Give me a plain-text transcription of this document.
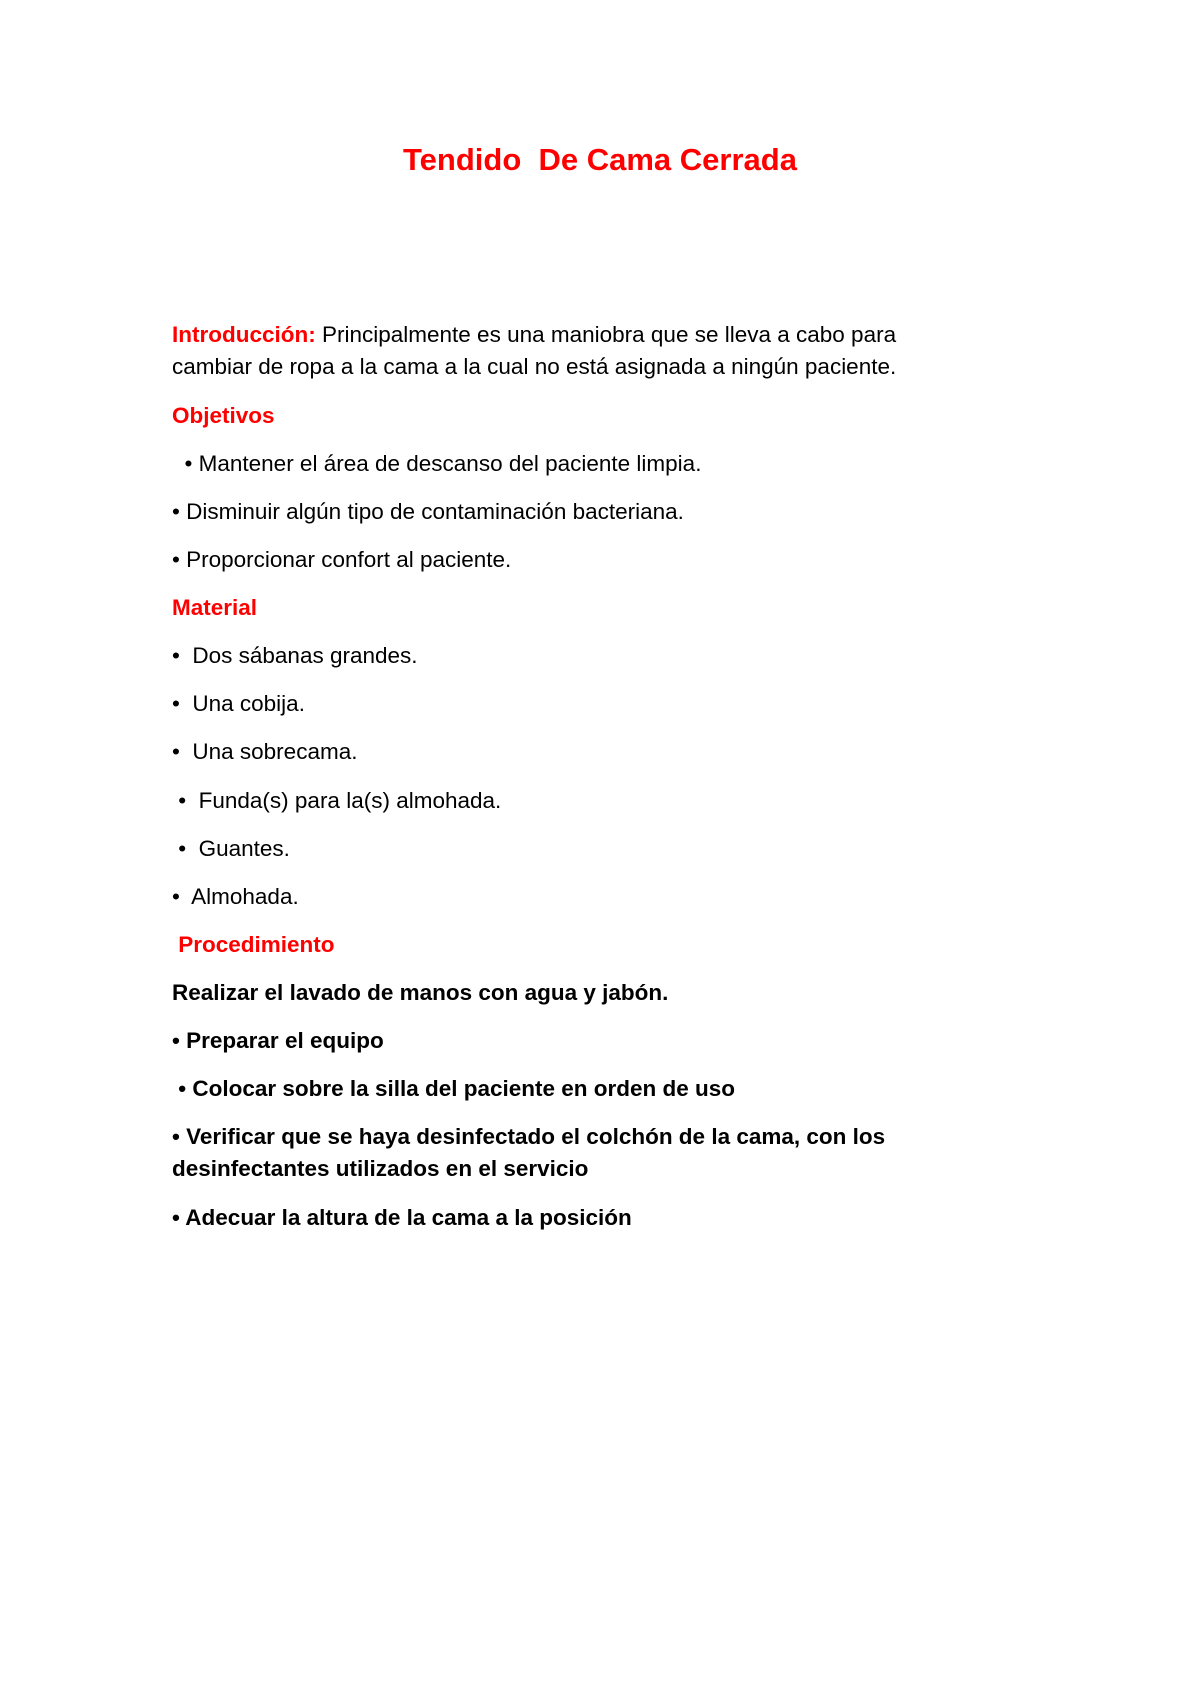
Tendido  De Cama Cerrada

Introducción: Principalmente es una maniobra que se lleva a cabo para

cambiar de ropa a la cama a la cual no está asignada a ningún paciente.

Objetivos

• Mantener el área de descanso del paciente limpia.

• Disminuir algún tipo de contaminación bacteriana.

• Proporcionar confort al paciente.

Material

•  Dos sábanas grandes.

•  Una cobija.

•  Una sobrecama.

•  Funda(s) para la(s) almohada.

•  Guantes.

•  Almohada.

Procedimiento

Realizar el lavado de manos con agua y jabón.

• Preparar el equipo

• Colocar sobre la silla del paciente en orden de uso

• Verificar que se haya desinfectado el colchón de la cama, con los

desinfectantes utilizados en el servicio

• Adecuar la altura de la cama a la posición
